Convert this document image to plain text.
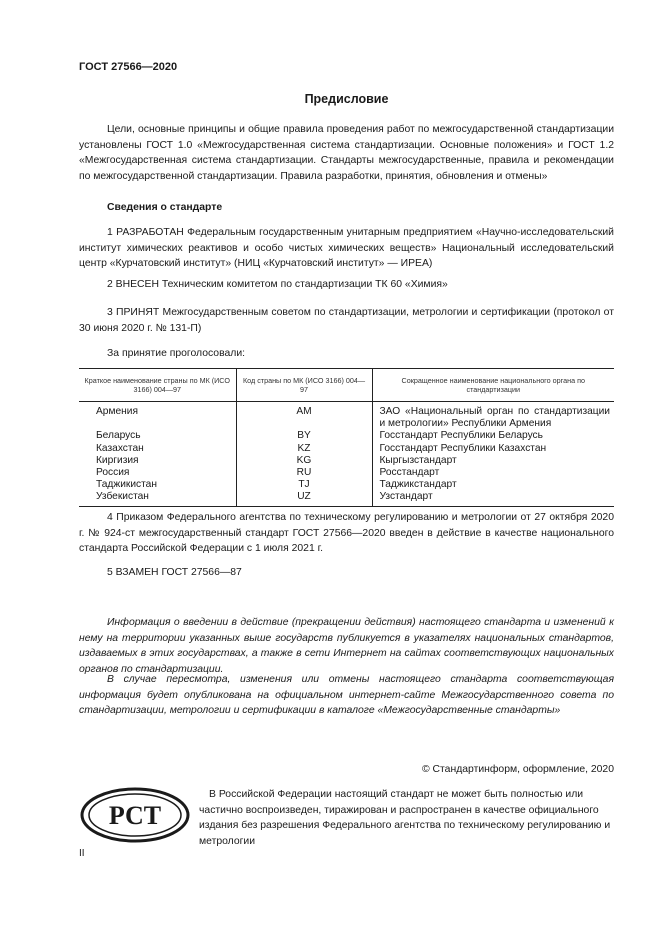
ГОСТ 27566—2020
Предисловие
Цели, основные принципы и общие правила проведения работ по межгосударственной стандартизации установлены ГОСТ 1.0 «Межгосударственная система стандартизации. Основные положения» и ГОСТ 1.2 «Межгосударственная система стандартизации. Стандарты межгосударственные, правила и рекомендации по межгосударственной стандартизации. Правила разработки, принятия, обновления и отмены»
Сведения о стандарте
1 РАЗРАБОТАН Федеральным государственным унитарным предприятием «Научно-исследовательский институт химических реактивов и особо чистых химических веществ» Национальный исследовательский центр «Курчатовский институт» (НИЦ «Курчатовский институт» — ИРЕА)
2 ВНЕСЕН Техническим комитетом по стандартизации ТК 60 «Химия»
3 ПРИНЯТ Межгосударственным советом по стандартизации, метрологии и сертификации (протокол от 30 июня 2020 г. № 131-П)
За принятие проголосовали:
Краткое наименование страны по МК (ИСО 3166) 004—97	Код страны по МК (ИСО 3166) 004—97	Сокращенное наименование национального органа по стандартизации
Армения	AM	ЗАО «Национальный орган по стандартизации и метрологии» Республики Армения
Беларусь	BY	Госстандарт Республики Беларусь
Казахстан	KZ	Госстандарт Республики Казахстан
Киргизия	KG	Кыргызстандарт
Россия	RU	Росстандарт
Таджикистан	TJ	Таджикстандарт
Узбекистан	UZ	Узстандарт
4 Приказом Федерального агентства по техническому регулированию и метрологии от 27 октября 2020 г. № 924-ст межгосударственный стандарт ГОСТ 27566—2020 введен в действие в качестве национального стандарта Российской Федерации с 1 июля 2021 г.
5 ВЗАМЕН ГОСТ 27566—87
Информация о введении в действие (прекращении действия) настоящего стандарта и изменений к нему на территории указанных выше государств публикуется в указателях национальных стандартов, издаваемых в этих государствах, а также в сети Интернет на сайтах соответствующих национальных органов по стандартизации.
В случае пересмотра, изменения или отмены настоящего стандарта соответствующая информация будет опубликована на официальном интернет-сайте Межгосударственного совета по стандартизации, метрологии и сертификации в каталоге «Межгосударственные стандарты»
© Стандартинформ, оформление, 2020
РСТ
В Российской Федерации настоящий стандарт не может быть полностью или частично воспроизведен, тиражирован и распространен в качестве официального издания без разрешения Федерального агентства по техническому регулированию и метрологии
II
